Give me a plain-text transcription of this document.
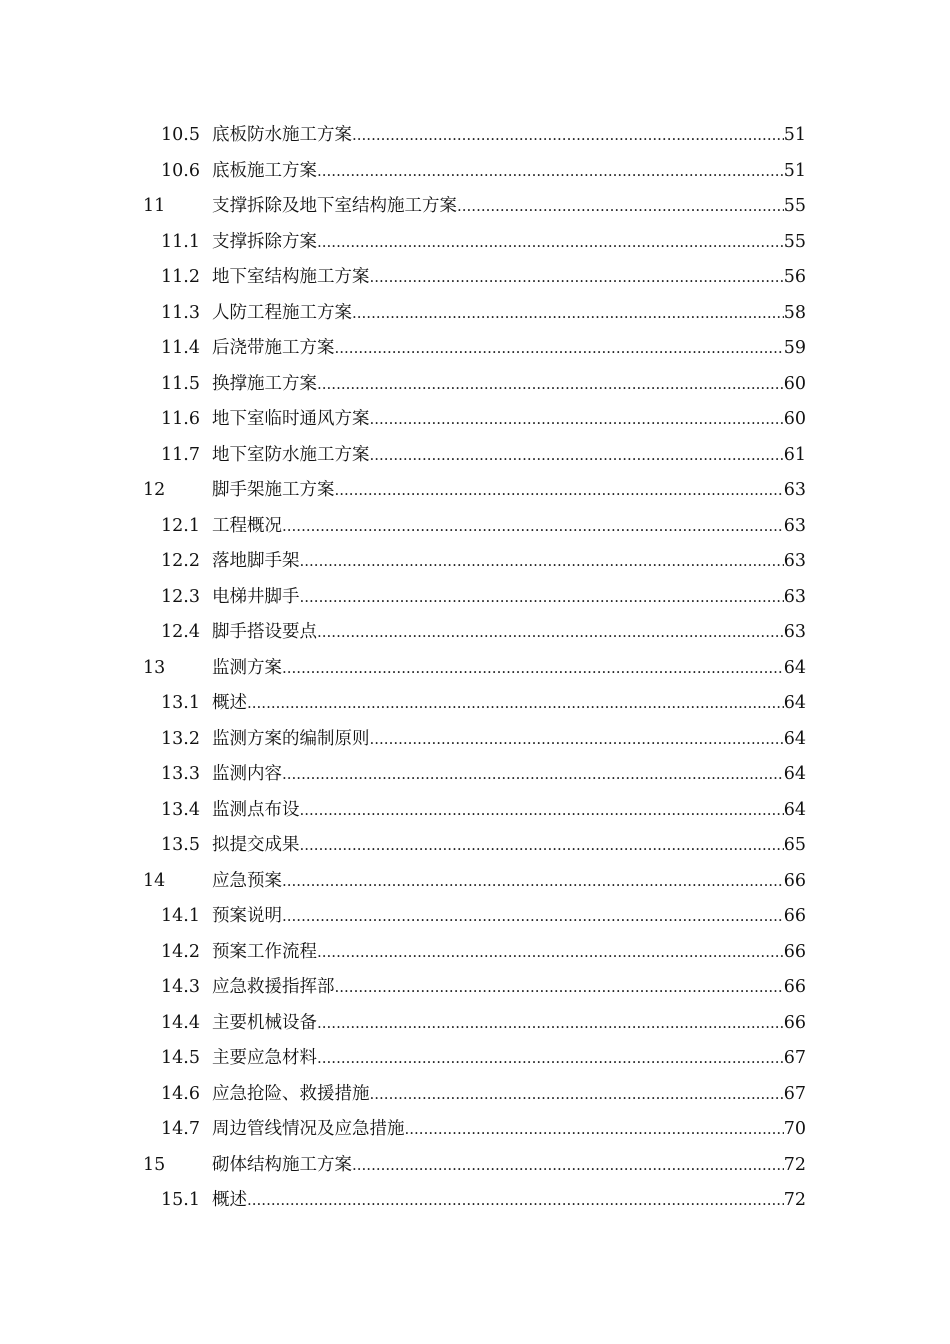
10.5 底板防水施工方案 .....	51
10.6 底板施工方案 .....	51
11	支撑拆除及地下室结构施工方案 .....	55
11.1 支撑拆除方案 .....	55
11.2 地下室结构施工方案 .....	56
11.3 人防工程施工方案 .....	58
11.4 后浇带施工方案 .....	59
11.5 换撑施工方案 .....	60
11.6 地下室临时通风方案 .....	60
11.7 地下室防水施工方案 .....	61
12	脚手架施工方案 .....	63
12.1 工程概况 .....	63
12.2 落地脚手架 .....	63
12.3 电梯井脚手 .....	63
12.4 脚手搭设要点 .....	63
13	监测方案 .....	64
13.1 概述 .....	64
13.2 监测方案的编制原则 .....	64
13.3 监测内容 .....	64
13.4 监测点布设 .....	64
13.5 拟提交成果 .....	65
14	应急预案 .....	66
14.1 预案说明 .....	66
14.2 预案工作流程 .....	66
14.3 应急救援指挥部 .....	66
14.4 主要机械设备 .....	66
14.5 主要应急材料 .....	67
14.6 应急抢险、救援措施 .....	67
14.7 周边管线情况及应急措施 .....	70
15	砌体结构施工方案 .....	72
15.1 概述 .....	72
